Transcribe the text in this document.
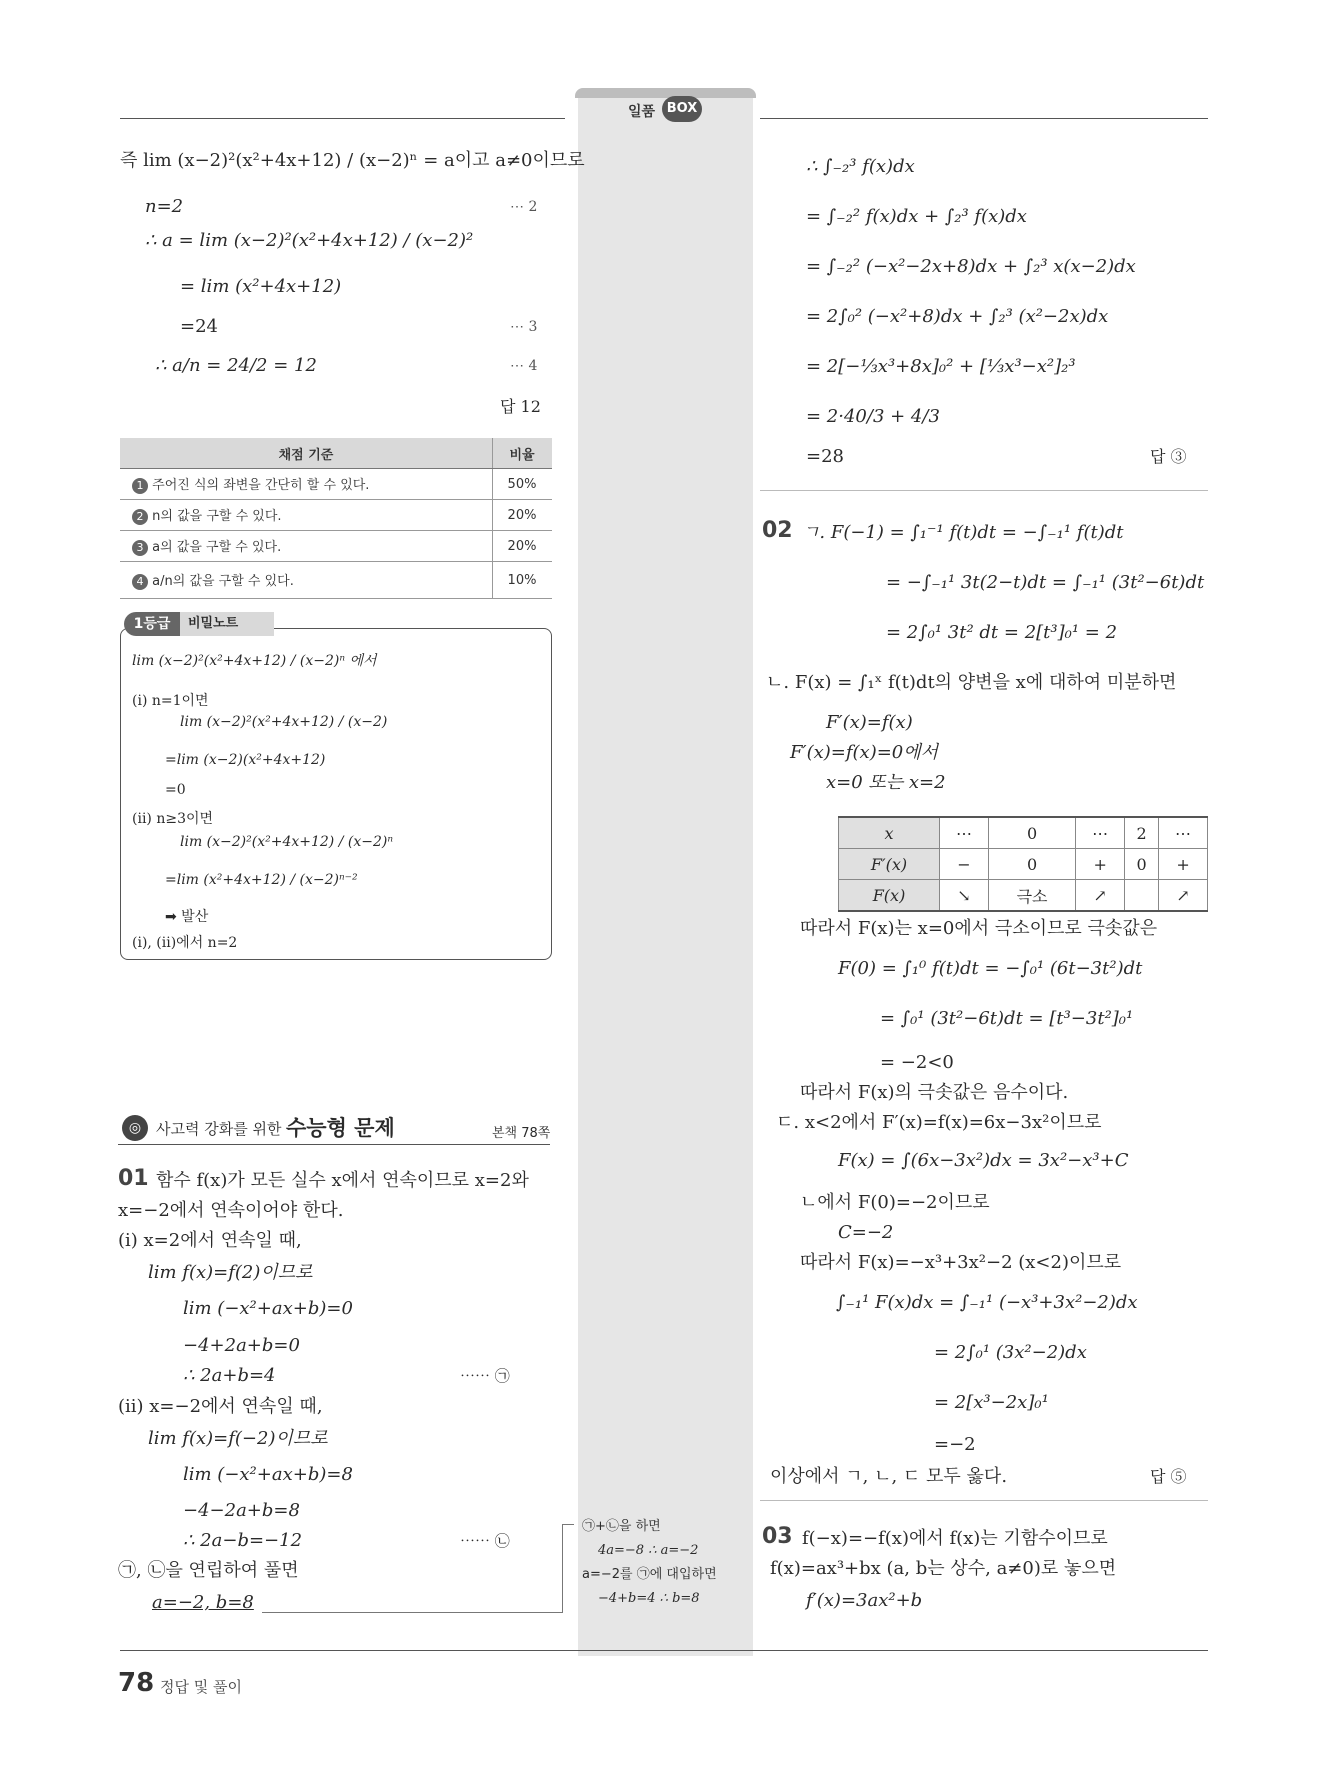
일품 BOX
즉 lim (x−2)²(x²+4x+12) / (x−2)ⁿ = a이고 a≠0이므로
n=2
∴ a = lim (x−2)²(x²+4x+12) / (x−2)²
= lim (x²+4x+12)
=24
∴ a/n = 24/2 = 12
⋯ 2
⋯ 3
⋯ 4
답 12
채점 기준	비율
1 주어진 식의 좌변을 간단히 할 수 있다.	50%
2 n의 값을 구할 수 있다.	20%
3 a의 값을 구할 수 있다.	20%
4 a/n의 값을 구할 수 있다.	10%
1등급	비밀노트
lim (x−2)²(x²+4x+12) / (x−2)ⁿ 에서
(i) n=1이면
lim (x−2)²(x²+4x+12) / (x−2)
=lim (x−2)(x²+4x+12)
=0
(ii) n≥3이면
lim (x−2)²(x²+4x+12) / (x−2)ⁿ
=lim (x²+4x+12) / (x−2)ⁿ⁻²
➡ 발산
(i), (ii)에서 n=2
◎ 사고력 강화를 위한 수능형 문제	본책 78쪽
01 함수 f(x)가 모든 실수 x에서 연속이므로 x=2와
x=−2에서 연속이어야 한다.
(i) x=2에서 연속일 때,
lim f(x)=f(2)이므로
lim (−x²+ax+b)=0
−4+2a+b=0
∴ 2a+b=4
(ii) x=−2에서 연속일 때,
lim f(x)=f(−2)이므로
lim (−x²+ax+b)=8
−4−2a+b=8
∴ 2a−b=−12
㉠, ㉡을 연립하여 풀면
a=−2, b=8
⋯⋯ ㉠
⋯⋯ ㉡
㉠+㉡을 하면
4a=−8 ∴ a=−2
a=−2를 ㉠에 대입하면
−4+b=4 ∴ b=8
∴ ∫₋₂³ f(x)dx
= ∫₋₂² f(x)dx + ∫₂³ f(x)dx
= ∫₋₂² (−x²−2x+8)dx + ∫₂³ x(x−2)dx
= 2∫₀² (−x²+8)dx + ∫₂³ (x²−2x)dx
= 2[−⅓x³+8x]₀² + [⅓x³−x²]₂³
= 2·40/3 + 4/3
=28	답 ③
02 ㄱ. F(−1) = ∫₁⁻¹ f(t)dt = −∫₋₁¹ f(t)dt
= −∫₋₁¹ 3t(2−t)dt = ∫₋₁¹ (3t²−6t)dt
= 2∫₀¹ 3t² dt = 2[t³]₀¹ = 2
ㄴ. F(x) = ∫₁ˣ f(t)dt의 양변을 x에 대하여 미분하면
F′(x)=f(x)
F′(x)=f(x)=0에서
x=0 또는 x=2
x	⋯	0	⋯	2	⋯
F′(x)	−	0	+	0	+
F(x)	↘	극소	↗		↗
따라서 F(x)는 x=0에서 극소이므로 극솟값은
F(0) = ∫₁⁰ f(t)dt = −∫₀¹ (6t−3t²)dt
= ∫₀¹ (3t²−6t)dt = [t³−3t²]₀¹
= −2<0
따라서 F(x)의 극솟값은 음수이다.
ㄷ. x<2에서 F′(x)=f(x)=6x−3x²이므로
F(x) = ∫(6x−3x²)dx = 3x²−x³+C
ㄴ에서 F(0)=−2이므로
C=−2
따라서 F(x)=−x³+3x²−2 (x<2)이므로
∫₋₁¹ F(x)dx = ∫₋₁¹ (−x³+3x²−2)dx
= 2∫₀¹ (3x²−2)dx
= 2[x³−2x]₀¹
=−2
이상에서 ㄱ, ㄴ, ㄷ 모두 옳다.	답 ⑤
03 f(−x)=−f(x)에서 f(x)는 기함수이므로
f(x)=ax³+bx (a, b는 상수, a≠0)로 놓으면
f′(x)=3ax²+b
78 정답 및 풀이
